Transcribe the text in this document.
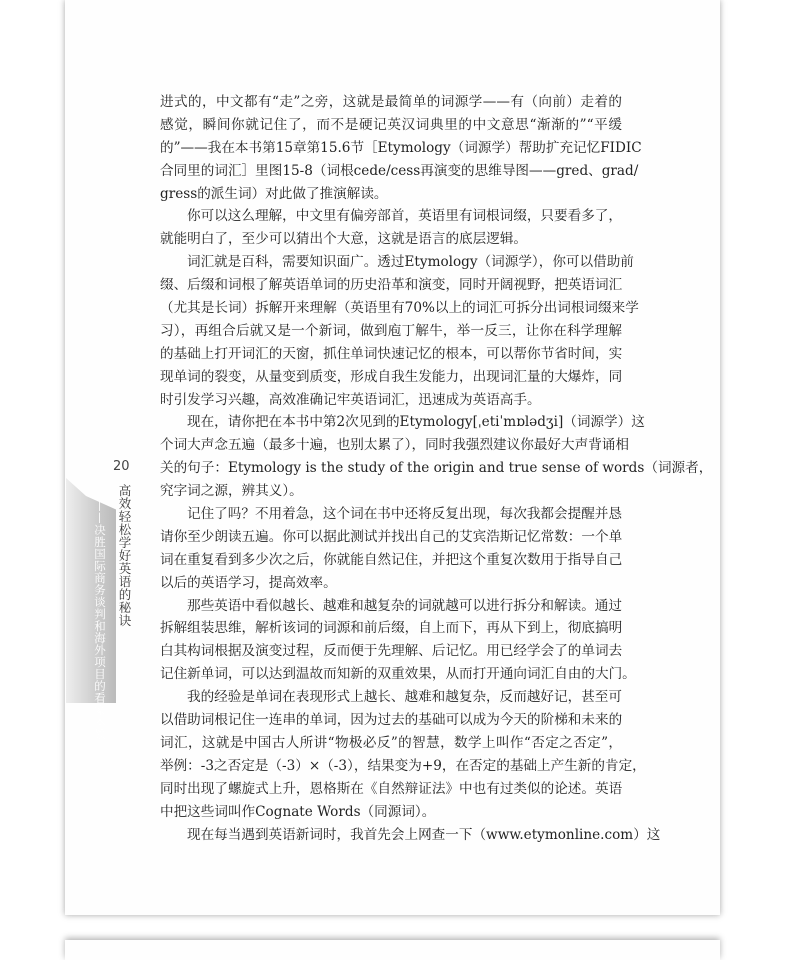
20
——决胜国际商务谈判和海外项目的看家本领 高效轻松学好英语的秘诀
进式的，中文都有“走”之旁，这就是最简单的词源学——有（向前）走着的
感觉，瞬间你就记住了，而不是硬记英汉词典里的中文意思“渐渐的”“平缓
的”——我在本书第15章第15.6节［Etymology（词源学）帮助扩充记忆FIDIC
合同里的词汇］里图15-8（词根cede/cess再演变的思维导图——gred、grad/
gress的派生词）对此做了推演解读。
你可以这么理解，中文里有偏旁部首，英语里有词根词缀，只要看多了，
就能明白了，至少可以猜出个大意，这就是语言的底层逻辑。
词汇就是百科，需要知识面广。透过Etymology（词源学），你可以借助前
缀、后缀和词根了解英语单词的历史沿革和演变，同时开阔视野，把英语词汇
（尤其是长词）拆解开来理解（英语里有70%以上的词汇可拆分出词根词缀来学
习），再组合后就又是一个新词，做到庖丁解牛，举一反三，让你在科学理解
的基础上打开词汇的天窗，抓住单词快速记忆的根本，可以帮你节省时间，实
现单词的裂变，从量变到质变，形成自我生发能力，出现词汇量的大爆炸，同
时引发学习兴趣，高效准确记牢英语词汇，迅速成为英语高手。
现在，请你把在本书中第2次见到的Etymology[ˌetiˈmɒlədʒi]（词源学）这
个词大声念五遍（最多十遍，也别太累了），同时我强烈建议你最好大声背诵相
关的句子：Etymology is the study of the origin and true sense of words（词源者，
究字词之源，辨其义）。
记住了吗？不用着急，这个词在书中还将反复出现，每次我都会提醒并恳
请你至少朗读五遍。你可以据此测试并找出自己的艾宾浩斯记忆常数：一个单
词在重复看到多少次之后，你就能自然记住，并把这个重复次数用于指导自己
以后的英语学习，提高效率。
那些英语中看似越长、越难和越复杂的词就越可以进行拆分和解读。通过
拆解组装思维，解析该词的词源和前后缀，自上而下，再从下到上，彻底搞明
白其构词根据及演变过程，反而便于先理解、后记忆。用已经学会了的单词去
记住新单词，可以达到温故而知新的双重效果，从而打开通向词汇自由的大门。
我的经验是单词在表现形式上越长、越难和越复杂，反而越好记，甚至可
以借助词根记住一连串的单词，因为过去的基础可以成为今天的阶梯和未来的
词汇，这就是中国古人所讲“物极必反”的智慧，数学上叫作“否定之否定”，
举例：-3之否定是（-3）×（-3），结果变为+9，在否定的基础上产生新的肯定，
同时出现了螺旋式上升，恩格斯在《自然辩证法》中也有过类似的论述。英语
中把这些词叫作Cognate Words（同源词）。
现在每当遇到英语新词时，我首先会上网查一下（www.etymonline.com）这
